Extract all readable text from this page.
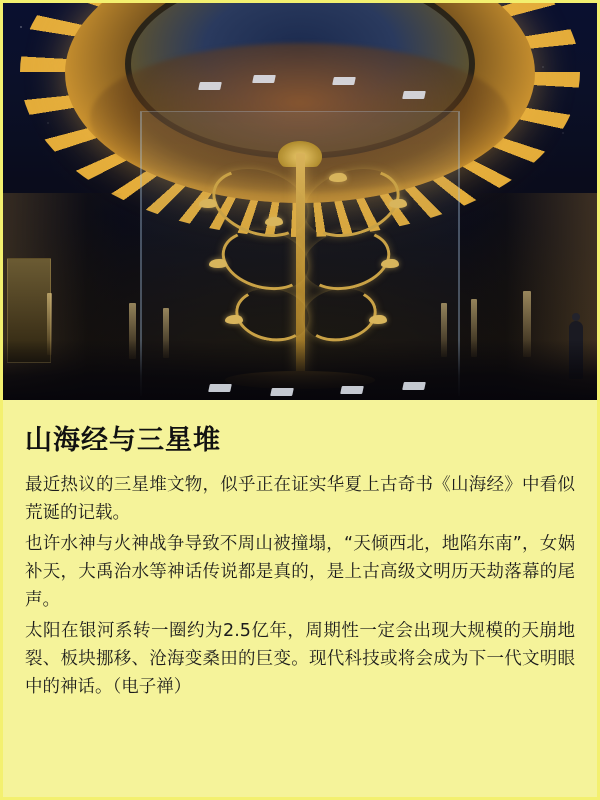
山海经与三星堆

最近热议的三星堆文物，似乎正在证实华夏上古奇书《山海经》中看似荒诞的记载。

也许水神与火神战争导致不周山被撞塌，“天倾西北，地陷东南”，女娲补天，大禹治水等神话传说都是真的，是上古高级文明历天劫落幕的尾声。

太阳在银河系转一圈约为2.5亿年，周期性一定会出现大规模的天崩地裂、板块挪移、沧海变桑田的巨变。现代科技或将会成为下一代文明眼中的神话。（电子禅）
